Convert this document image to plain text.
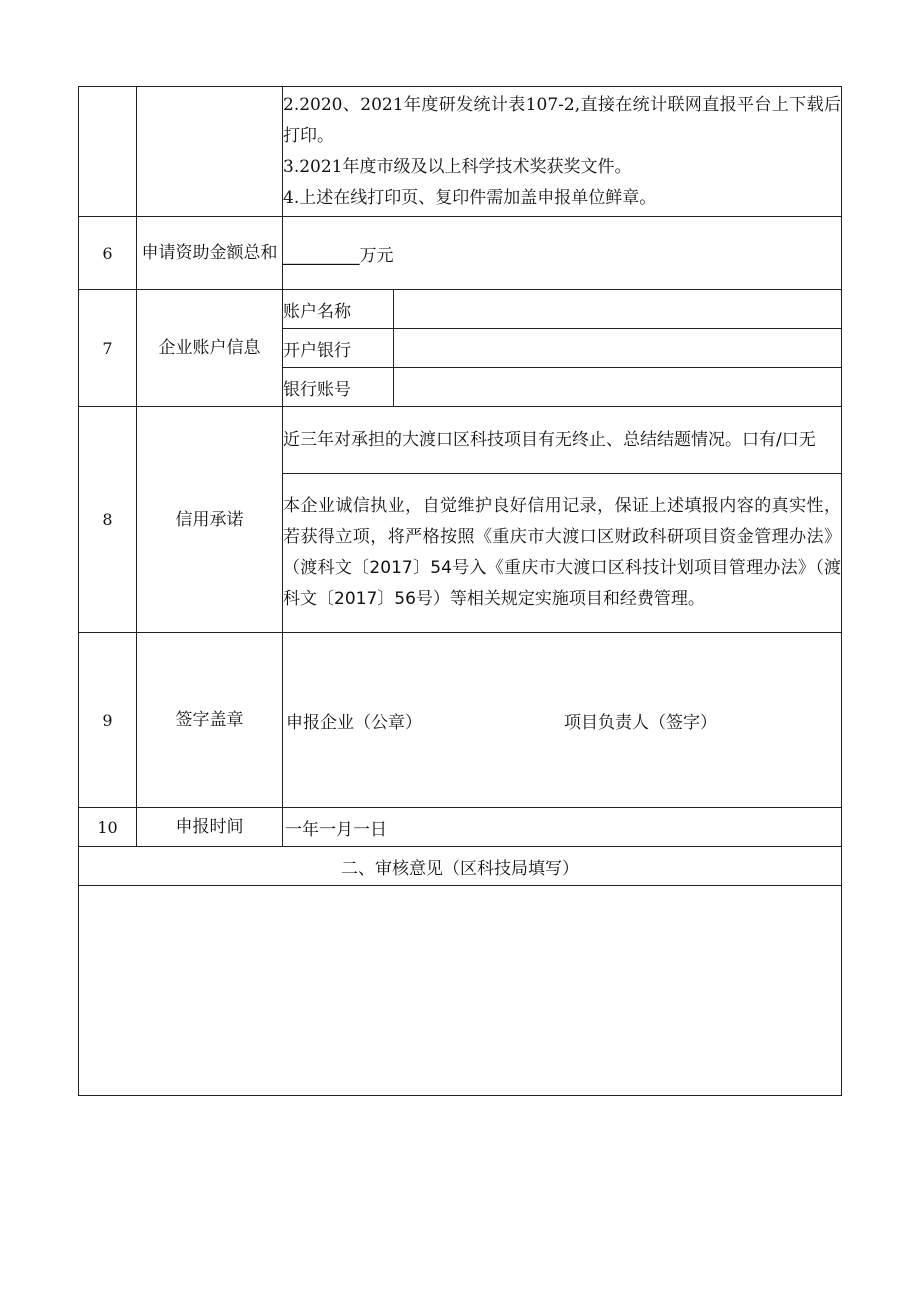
		2.2020、2021年度研发统计表107-2,直接在统计联网直报平台上下载后打印。

3.2021年度市级及以上科学技术奖获奖文件。

4.上述在线打印页、复印件需加盖申报单位鲜章。	

6	申请资助金额总和	_________万元	
7	企业账户信息	账户名称	
		开户银行	
		银行账号	
8	信用承诺	近三年对承担的大渡口区科技项目有无终止、总结结题情况。口有/口无	
		本企业诚信执业，自觉维护良好信用记录，保证上述填报内容的真实性，若获得立项，将严格按照《重庆市大渡口区财政科研项目资金管理办法》（渡科文〔2017〕54号入《重庆市大渡口区科技计划项目管理办法》（渡科文〔2017〕56号）等相关规定实施项目和经费管理。	
9	签字盖章	申报企业（公章） 项目负责人（签字）	

10	申报时间	一年一月一日	
二、审核意见（区科技局填写）			
